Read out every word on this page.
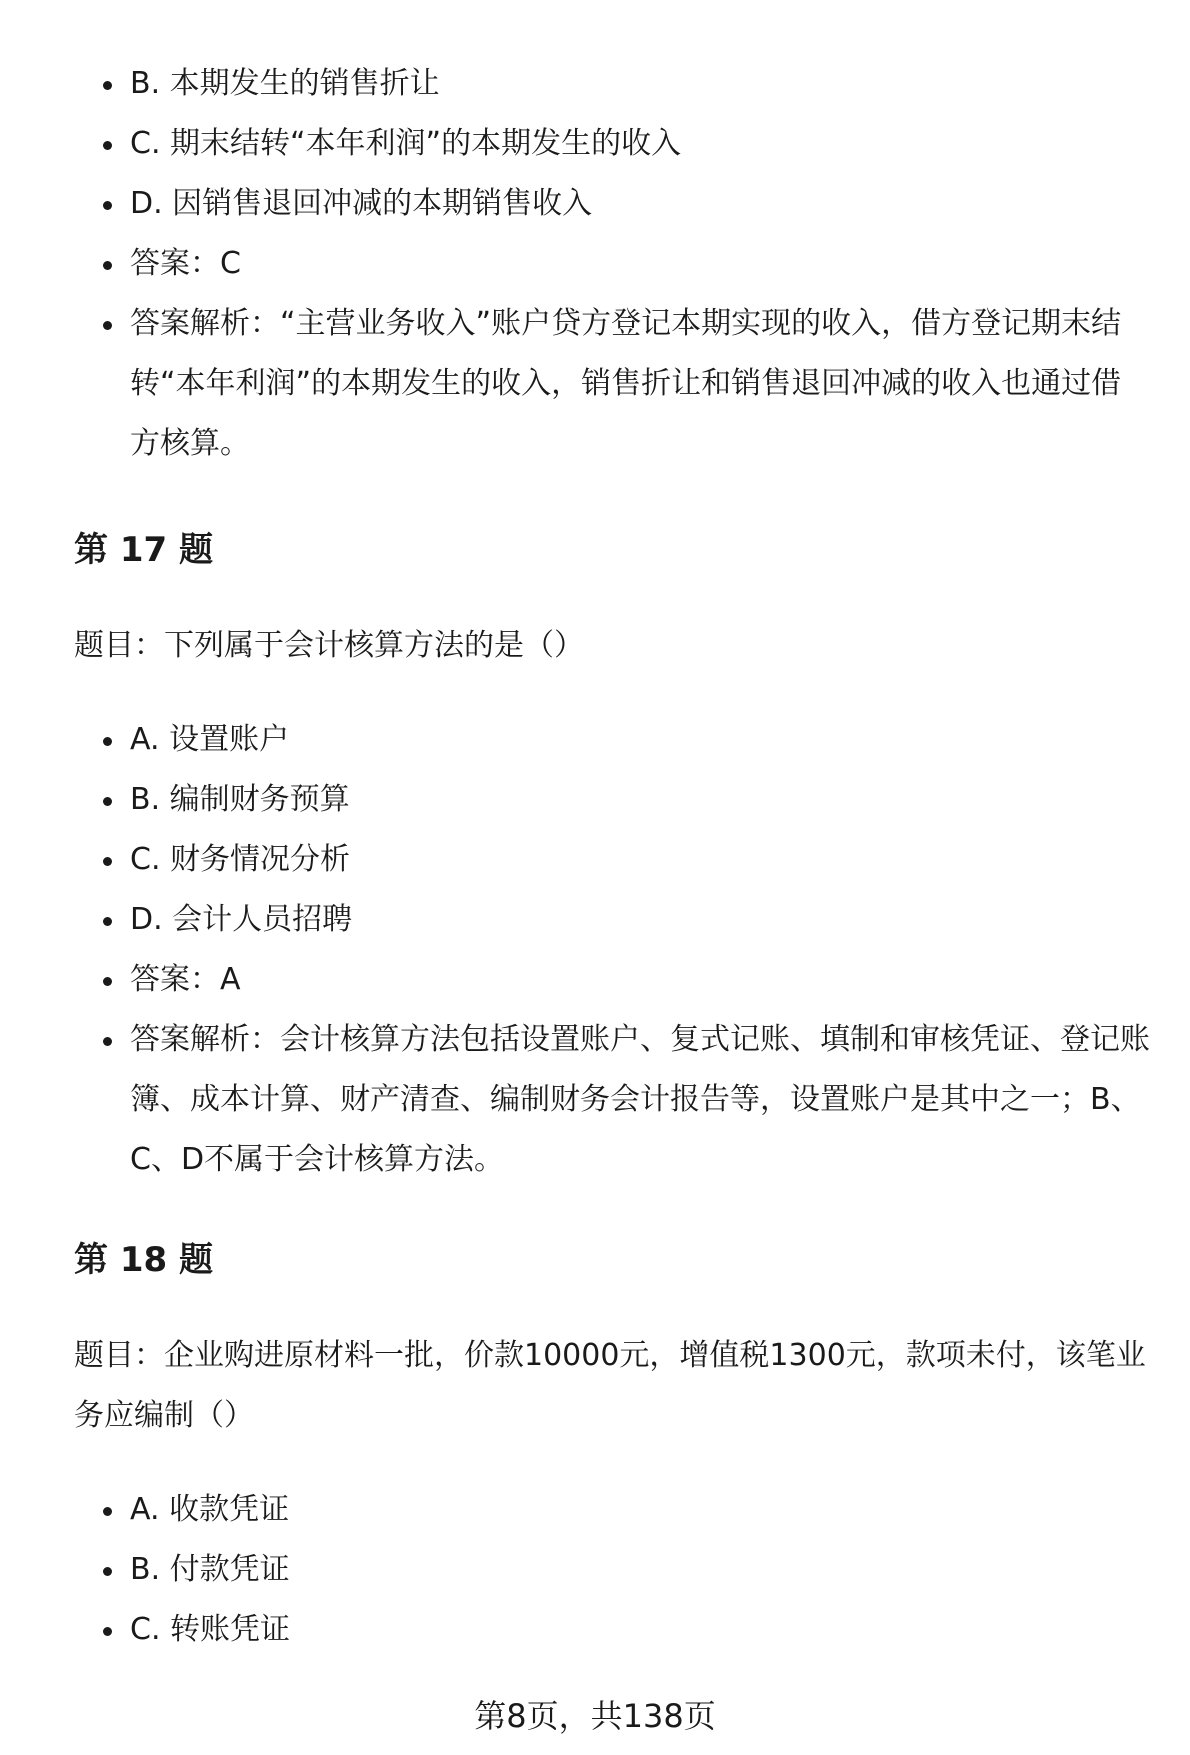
B. 本期发生的销售折让
C. 期末结转“本年利润”的本期发生的收入
D. 因销售退回冲减的本期销售收入
答案：C
答案解析：“主营业务收入”账户贷方登记本期实现的收入，借方登记期末结转“本年利润”的本期发生的收入，销售折让和销售退回冲减的收入也通过借方核算。
第 17 题
题目：下列属于会计核算方法的是（）
A. 设置账户
B. 编制财务预算
C. 财务情况分析
D. 会计人员招聘
答案：A
答案解析：会计核算方法包括设置账户、复式记账、填制和审核凭证、登记账簿、成本计算、财产清查、编制财务会计报告等，设置账户是其中之一；B、C、D不属于会计核算方法。
第 18 题
题目：企业购进原材料一批，价款10000元，增值税1300元，款项未付，该笔业务应编制（）
A. 收款凭证
B. 付款凭证
C. 转账凭证
第8页，共138页
